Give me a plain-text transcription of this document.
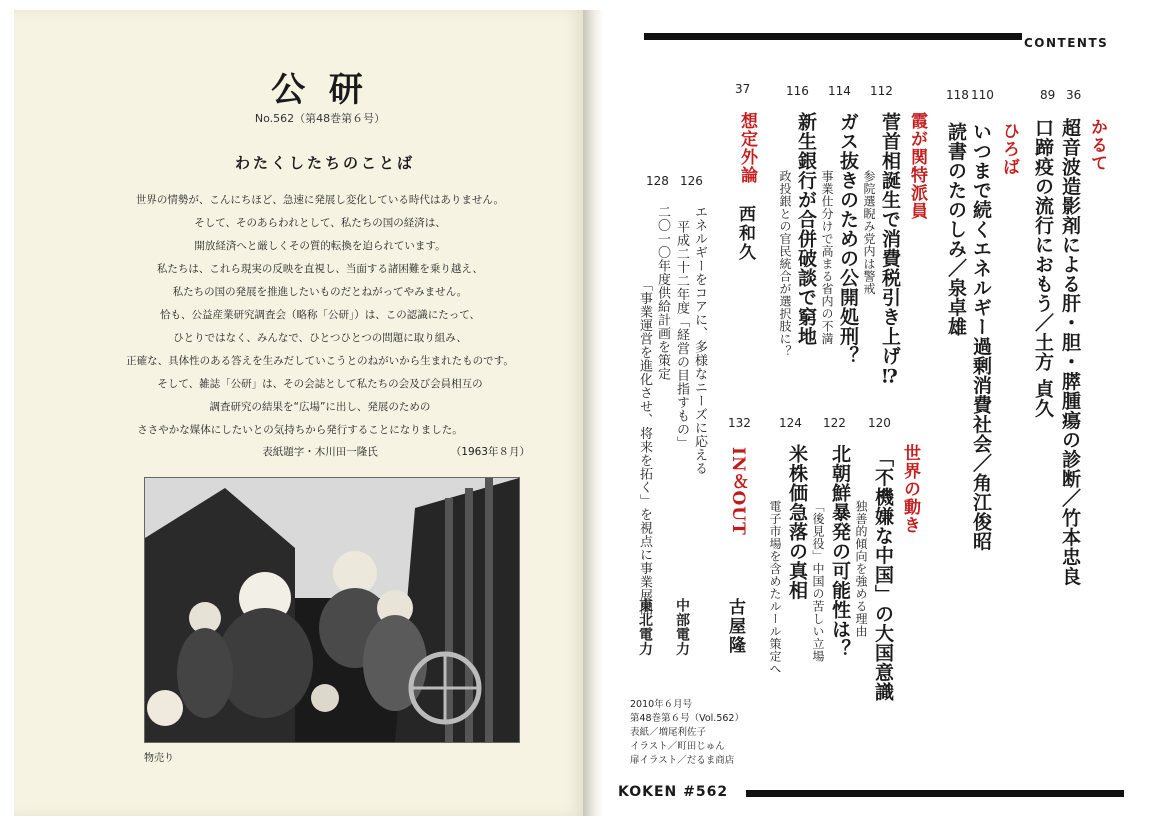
公 研
No.562（第48巻第６号）
わたくしたちのことば
世界の情勢が、こんにちほど、急速に発展し変化している時代はありません。
そして、そのあらわれとして、私たちの国の経済は、
開放経済へと厳しくその質的転換を迫られています。
私たちは、これら現実の反映を直視し、当面する諸困難を乗り越え、
私たちの国の発展を推進したいものだとねがってやみません。
恰も、公益産業研究調査会（略称「公研」）は、この認識にたって、
ひとりではなく、みんなで、ひとつひとつの問題に取り組み、
正確な、具体性のある答えを生みだしていこうとのねがいから生まれたものです。
そして、雑誌「公研」は、その会誌として私たちの会及び会員相互の
調査研究の結果を“広場”に出し、発展のための
ささやかな媒体にしたいとの気持ちから発行することになりました。
（1963年８月）
表紙題字・木川田一隆氏
物売り
CONTENTS
36
89
110
118
112
114
116
37
かるて
超音波造影剤による肝・胆・膵腫瘍の診断／竹本忠良
口蹄疫の流行におもう／土方 貞久
ひろば
いつまで続くエネルギー過剰消費社会／角江俊昭
読書のたのしみ／泉卓雄
霞が関特派員
菅首相誕生で消費税引き上げ⁉︎
参院選睨み党内は警戒
ガス抜きのための公開処刑？
事業仕分けで高まる省内の不満
新生銀行が合併破談で窮地
政投銀との官民統合が選択肢に？
想定外論
西和久
126
128
エネルギーをコアに、多様なニーズに応える
平成二十二年度「経営の目指すもの」
二〇一〇年度供給計画を策定
「事業運営を進化させ、将来を拓く」を視点に事業展開
中部電力
東北電力
120
122
124
132
世界の動き
「不機嫌な中国」の大国意識
独善的傾向を強める理由
北朝鮮暴発の可能性は？
「後見役」中国の苦しい立場
米株価急落の真相
電子市場を含めたルール策定へ
IN＆OUT
古屋隆
2010年６月号
第48巻第６号（Vol.562）
表紙／増尾利佐子
イラスト／町田じゅん
扉イラスト／だるま商店
KOKEN #562
